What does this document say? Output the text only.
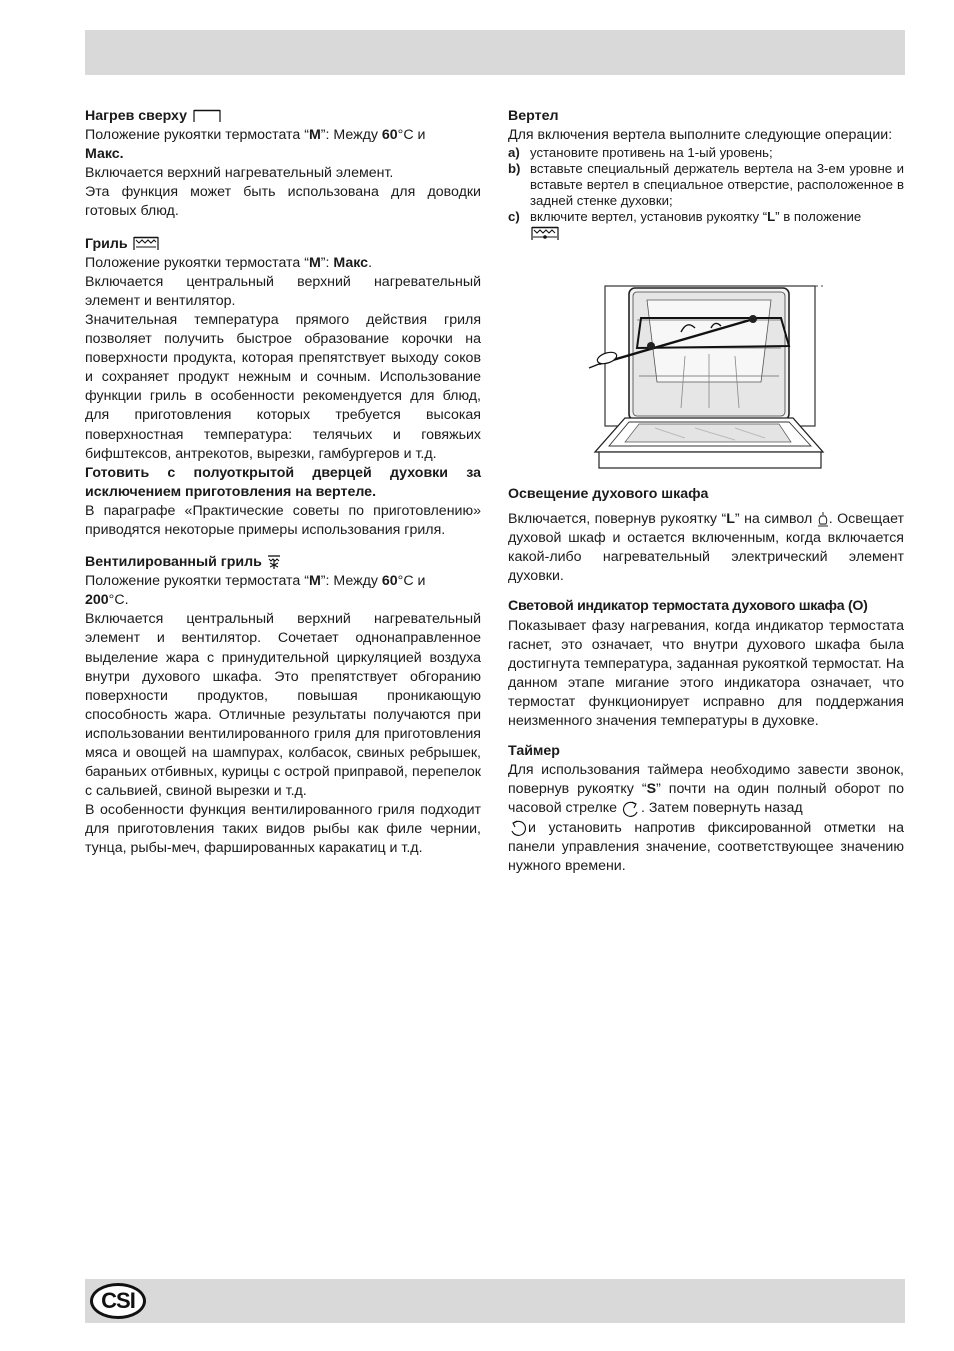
Нагрев сверху

Положение рукоятки термостата “M”: Между 60°С и
Макс.

Включается верхний нагревательный элемент.

Эта функция может быть использована для доводки готовых блюд.

Гриль

Положение рукоятки термостата “M”: Макс.

Включается центральный верхний нагревательный элемент и вентилятор.

Значительная температура прямого действия гриля позволяет получить быстрое образование корочки на поверхности продукта, которая препятствует выходу соков и сохраняет продукт нежным и сочным. Использование функции гриль в особенности рекомендуется для блюд, для приготовления которых требуется высокая поверхностная температура: телячьих и говяжьих бифштексов, антрекотов, вырезки, гамбургеров и т.д.

Готовить с полуоткрытой дверцей духовки за исключением приготовления на вертеле.

В параграфе «Практические советы по приготовлению» приводятся некоторые примеры использования гриля.

Вентилированный гриль

Положение рукоятки термостата “M”: Между 60°С и
200°С.

Включается центральный верхний нагревательный элемент и вентилятор. Сочетает однонаправленное выделение жара с принудительной циркуляцией воздуха внутри духового шкафа. Это препятствует обгоранию поверхности продуктов, повышая проникающую способность жара. Отличные результаты получаются при использовании вентилированного гриля для приготовления мяса и овощей на шампурах, колбасок, свиных ребрышек, бараньих отбивных, курицы с острой приправой, перепелок с сальвией, свиной вырезки и т.д.

В особенности функция вентилированного гриля подходит для приготовления таких видов рыбы как филе чернии, тунца, рыбы-меч, фаршированных каракатиц и т.д.

Вертел

Для включения вертела выполните следующие операции:

a) установите противень на 1-ый уровень;
b) вставьте специальный держатель вертела на 3-ем уровне и вставьте вертел в специальное отверстие, расположенное в задней стенке духовки;
c) включите вертел, установив рукоятку “L” в положение

Освещение духового шкафа

Включается, повернув рукоятку “L” на символ . Освещает духовой шкаф и остается включенным, когда включается какой-либо нагревательный электрический элемент духовки.

Световой индикатор термостата духового шкафа (О)

Показывает фазу нагревания, когда индикатор термостата гаснет, это означает, что внутри духового шкафа была достигнута температура, заданная рукояткой термостат. На данном этапе мигание этого индикатора означает, что термостат функционирует исправно для поддержания неизменного значения температуры в духовке.

Таймер

Для использования таймера необходимо завести звонок, повернув рукоятку “S” почти на один полный оборот по часовой стрелке . Затем повернуть назад
и установить напротив фиксированной отметки на панели управления значение, соответствующее значению нужного времени.

CSI
